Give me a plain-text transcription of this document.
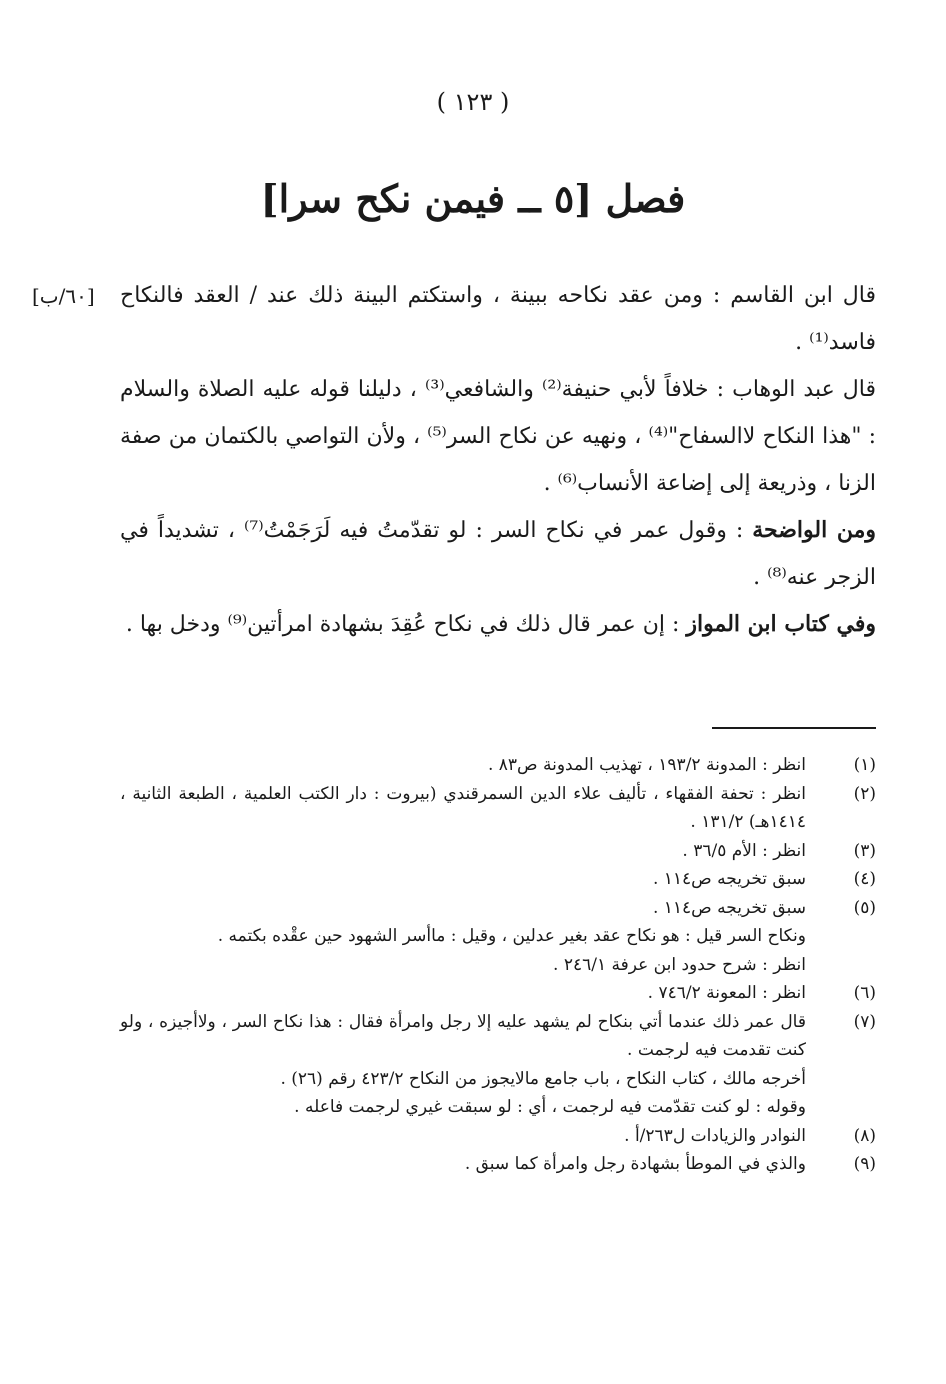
( ١٢٣ )
فصل [٥ ــ فيمن نكح سرا]
[٦٠/ب] قال ابن القاسم : ومن عقد نكاحه ببينة ، واستكتم البينة ذلك عند / العقد فالنكاح فاسد⁽¹⁾ .

قال عبد الوهاب : خلافاً لأبي حنيفة⁽²⁾ والشافعي⁽³⁾ ، دليلنا قوله عليه الصلاة والسلام : "هذا النكاح لاالسفاح"⁽⁴⁾ ، ونهيه عن نكاح السر⁽⁵⁾ ، ولأن التواصي بالكتمان من صفة الزنا ، وذريعة إلى إضاعة الأنساب⁽⁶⁾ .

ومن الواضحة : وقول عمر في نكاح السر : لو تقدّمتُ فيه لَرَجَمْتُ⁽⁷⁾ ، تشديداً في الزجر عنه⁽⁸⁾ .

وفي كتاب ابن المواز : إن عمر قال ذلك في نكاح عُقِدَ بشهادة امرأتين⁽⁹⁾ ودخل بها .

(١)
انظر : المدونة ١٩٣/٢ ، تهذيب المدونة ص٨٣ .
(٢)
انظر : تحفة الفقهاء ، تأليف علاء الدين السمرقندي (بيروت : دار الكتب العلمية ، الطبعة الثانية ، ١٤١٤هـ) ١٣١/٢ .
(٣)
انظر : الأم ٣٦/٥ .
(٤)
سبق تخريجه ص١١٤ .
(٥)
سبق تخريجه ص١١٤ .
ونكاح السر قيل : هو نكاح عقد بغير عدلين ، وقيل : ماأسر الشهود حين عقْده بكتمه .
انظر : شرح حدود ابن عرفة ٢٤٦/١ .
(٦)
انظر : المعونة ٧٤٦/٢ .
(٧)
قال عمر ذلك عندما أتي بنكاح لم يشهد عليه إلا رجل وامرأة فقال : هذا نكاح السر ، ولاأجيزه ، ولو كنت تقدمت فيه لرجمت .
أخرجه مالك ، كتاب النكاح ، باب جامع مالايجوز من النكاح ٤٢٣/٢ رقم (٢٦) .
وقوله : لو كنت تقدّمت فيه لرجمت ، أي : لو سبقت غيري لرجمت فاعله .
(٨)
النوادر والزيادات ل٢٦٣/أ .
(٩)
والذي في الموطأ بشهادة رجل وامرأة كما سبق .
